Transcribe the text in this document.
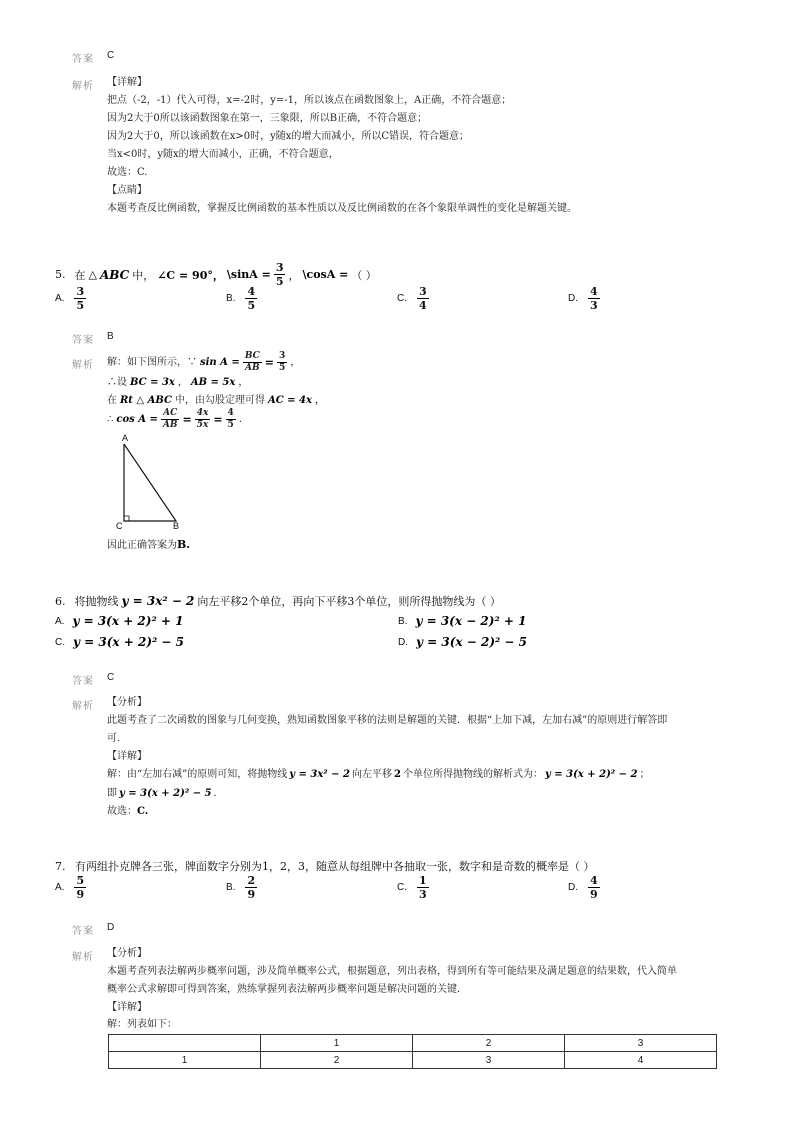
答案 C
解析 【详解】
把点（-2，-1）代入可得，x=-2时，y=-1，所以该点在函数图象上，A正确，不符合题意；
因为2大于0所以该函数图象在第一，三象限，所以B正确，不符合题意；
因为2大于0，所以该函数在x>0时，y随x的增大而减小，所以C错误，符合题意；
当x<0时，y随x的增大而减小，正确，不符合题意，
故选：C.
【点睛】
本题考查反比例函数，掌握反比例函数的基本性质以及反比例函数的在各个象限单调性的变化是解题关键。
5. 在 △ ABC 中， ∠C = 90°， \sinA = $\frac{3}{5}$ ， \cosA = （ ）
A. $\frac{3}{5}$	B. $\frac{4}{5}$	C. $\frac{3}{4}$	D. $\frac{4}{3}$
答案 B
解析 解：如下图所示，∵ $\sin A = \frac{BC}{AB} = \frac{3}{5}$ ，
∴设 BC = 3x ， AB = 5x ，
在 Rt △ ABC 中，由勾股定理可得 AC = 4x ，
∴ $\cos A = \frac{AC}{AB} = \frac{4x}{5x} = \frac{4}{5}$ ．
A
C	B
因此正确答案为B.
6. 将抛物线 y = 3x² − 2 向左平移2个单位，再向下平移3个单位，则所得抛物线为（ ）
A. y = 3(x + 2)² + 1	B. y = 3(x − 2)² + 1
C. y = 3(x + 2)² − 5	D. y = 3(x − 2)² − 5
答案 C
解析 【分析】
此题考查了二次函数的图象与几何变换，熟知函数图象平移的法则是解题的关键．根据“上加下减，左加右减”的原则进行解答即
可．
【详解】
解：由“左加右减”的原则可知，将抛物线 y = 3x² − 2 向左平移 2 个单位所得抛物线的解析式为： y = 3(x + 2)² − 2 ；
即 y = 3(x + 2)² − 5 ．
故选：C.
7. 有两组扑克牌各三张，牌面数字分别为1，2，3，随意从每组牌中各抽取一张，数字和是奇数的概率是（ ）
A. $\frac{5}{9}$	B. $\frac{2}{9}$	C. $\frac{1}{3}$	D. $\frac{4}{9}$
答案 D
解析 【分析】
本题考查列表法解两步概率问题，涉及简单概率公式，根据题意，列出表格，得到所有等可能结果及满足题意的结果数，代入简单
概率公式求解即可得到答案，熟练掌握列表法解两步概率问题是解决问题的关键．
【详解】
解：列表如下：
	1	2	3
1	2	3	4
